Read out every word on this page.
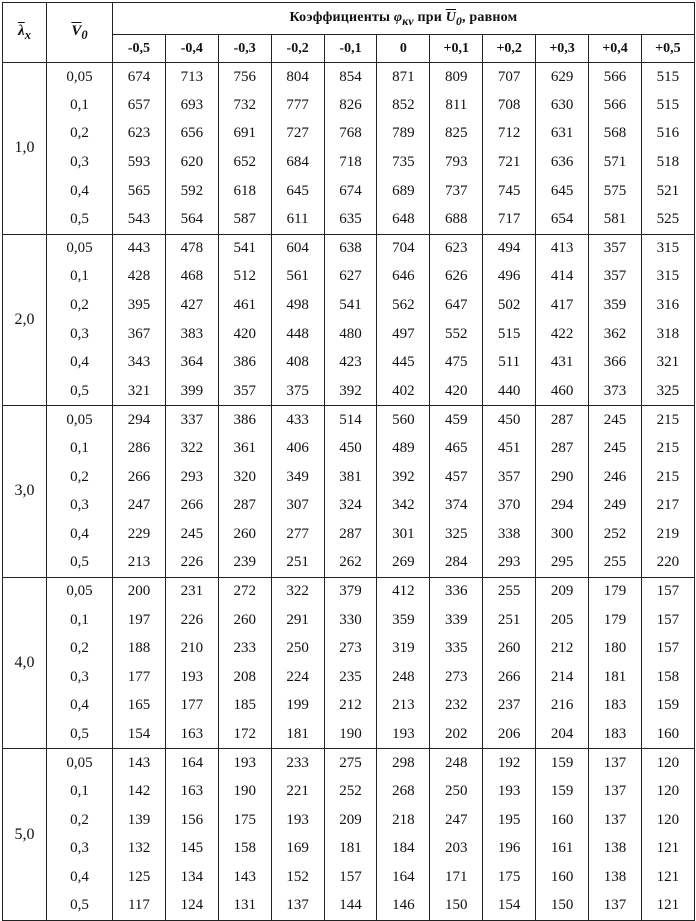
$\overline{\lambda}_x$	$\overline{V}_0$	Коэффициенты $\varphi_{кv}$ при $\overline{U}_0$, равном										
		-0,5	-0,4	-0,3	-0,2	-0,1	0	+0,1	+0,2	+0,3	+0,4	+0,5
1,0	0,05	674	713	756	804	854	871	809	707	629	566	515
	0,1	657	693	732	777	826	852	811	708	630	566	515
	0,2	623	656	691	727	768	789	825	712	631	568	516
	0,3	593	620	652	684	718	735	793	721	636	571	518
	0,4	565	592	618	645	674	689	737	745	645	575	521
	0,5	543	564	587	611	635	648	688	717	654	581	525
2,0	0,05	443	478	541	604	638	704	623	494	413	357	315
	0,1	428	468	512	561	627	646	626	496	414	357	315
	0,2	395	427	461	498	541	562	647	502	417	359	316
	0,3	367	383	420	448	480	497	552	515	422	362	318
	0,4	343	364	386	408	423	445	475	511	431	366	321
	0,5	321	399	357	375	392	402	420	440	460	373	325
3,0	0,05	294	337	386	433	514	560	459	450	287	245	215
	0,1	286	322	361	406	450	489	465	451	287	245	215
	0,2	266	293	320	349	381	392	457	357	290	246	215
	0,3	247	266	287	307	324	342	374	370	294	249	217
	0,4	229	245	260	277	287	301	325	338	300	252	219
	0,5	213	226	239	251	262	269	284	293	295	255	220
4,0	0,05	200	231	272	322	379	412	336	255	209	179	157
	0,1	197	226	260	291	330	359	339	251	205	179	157
	0,2	188	210	233	250	273	319	335	260	212	180	157
	0,3	177	193	208	224	235	248	273	266	214	181	158
	0,4	165	177	185	199	212	213	232	237	216	183	159
	0,5	154	163	172	181	190	193	202	206	204	183	160
5,0	0,05	143	164	193	233	275	298	248	192	159	137	120
	0,1	142	163	190	221	252	268	250	193	159	137	120
	0,2	139	156	175	193	209	218	247	195	160	137	120
	0,3	132	145	158	169	181	184	203	196	161	138	121
	0,4	125	134	143	152	157	164	171	175	160	138	121
	0,5	117	124	131	137	144	146	150	154	150	137	121
